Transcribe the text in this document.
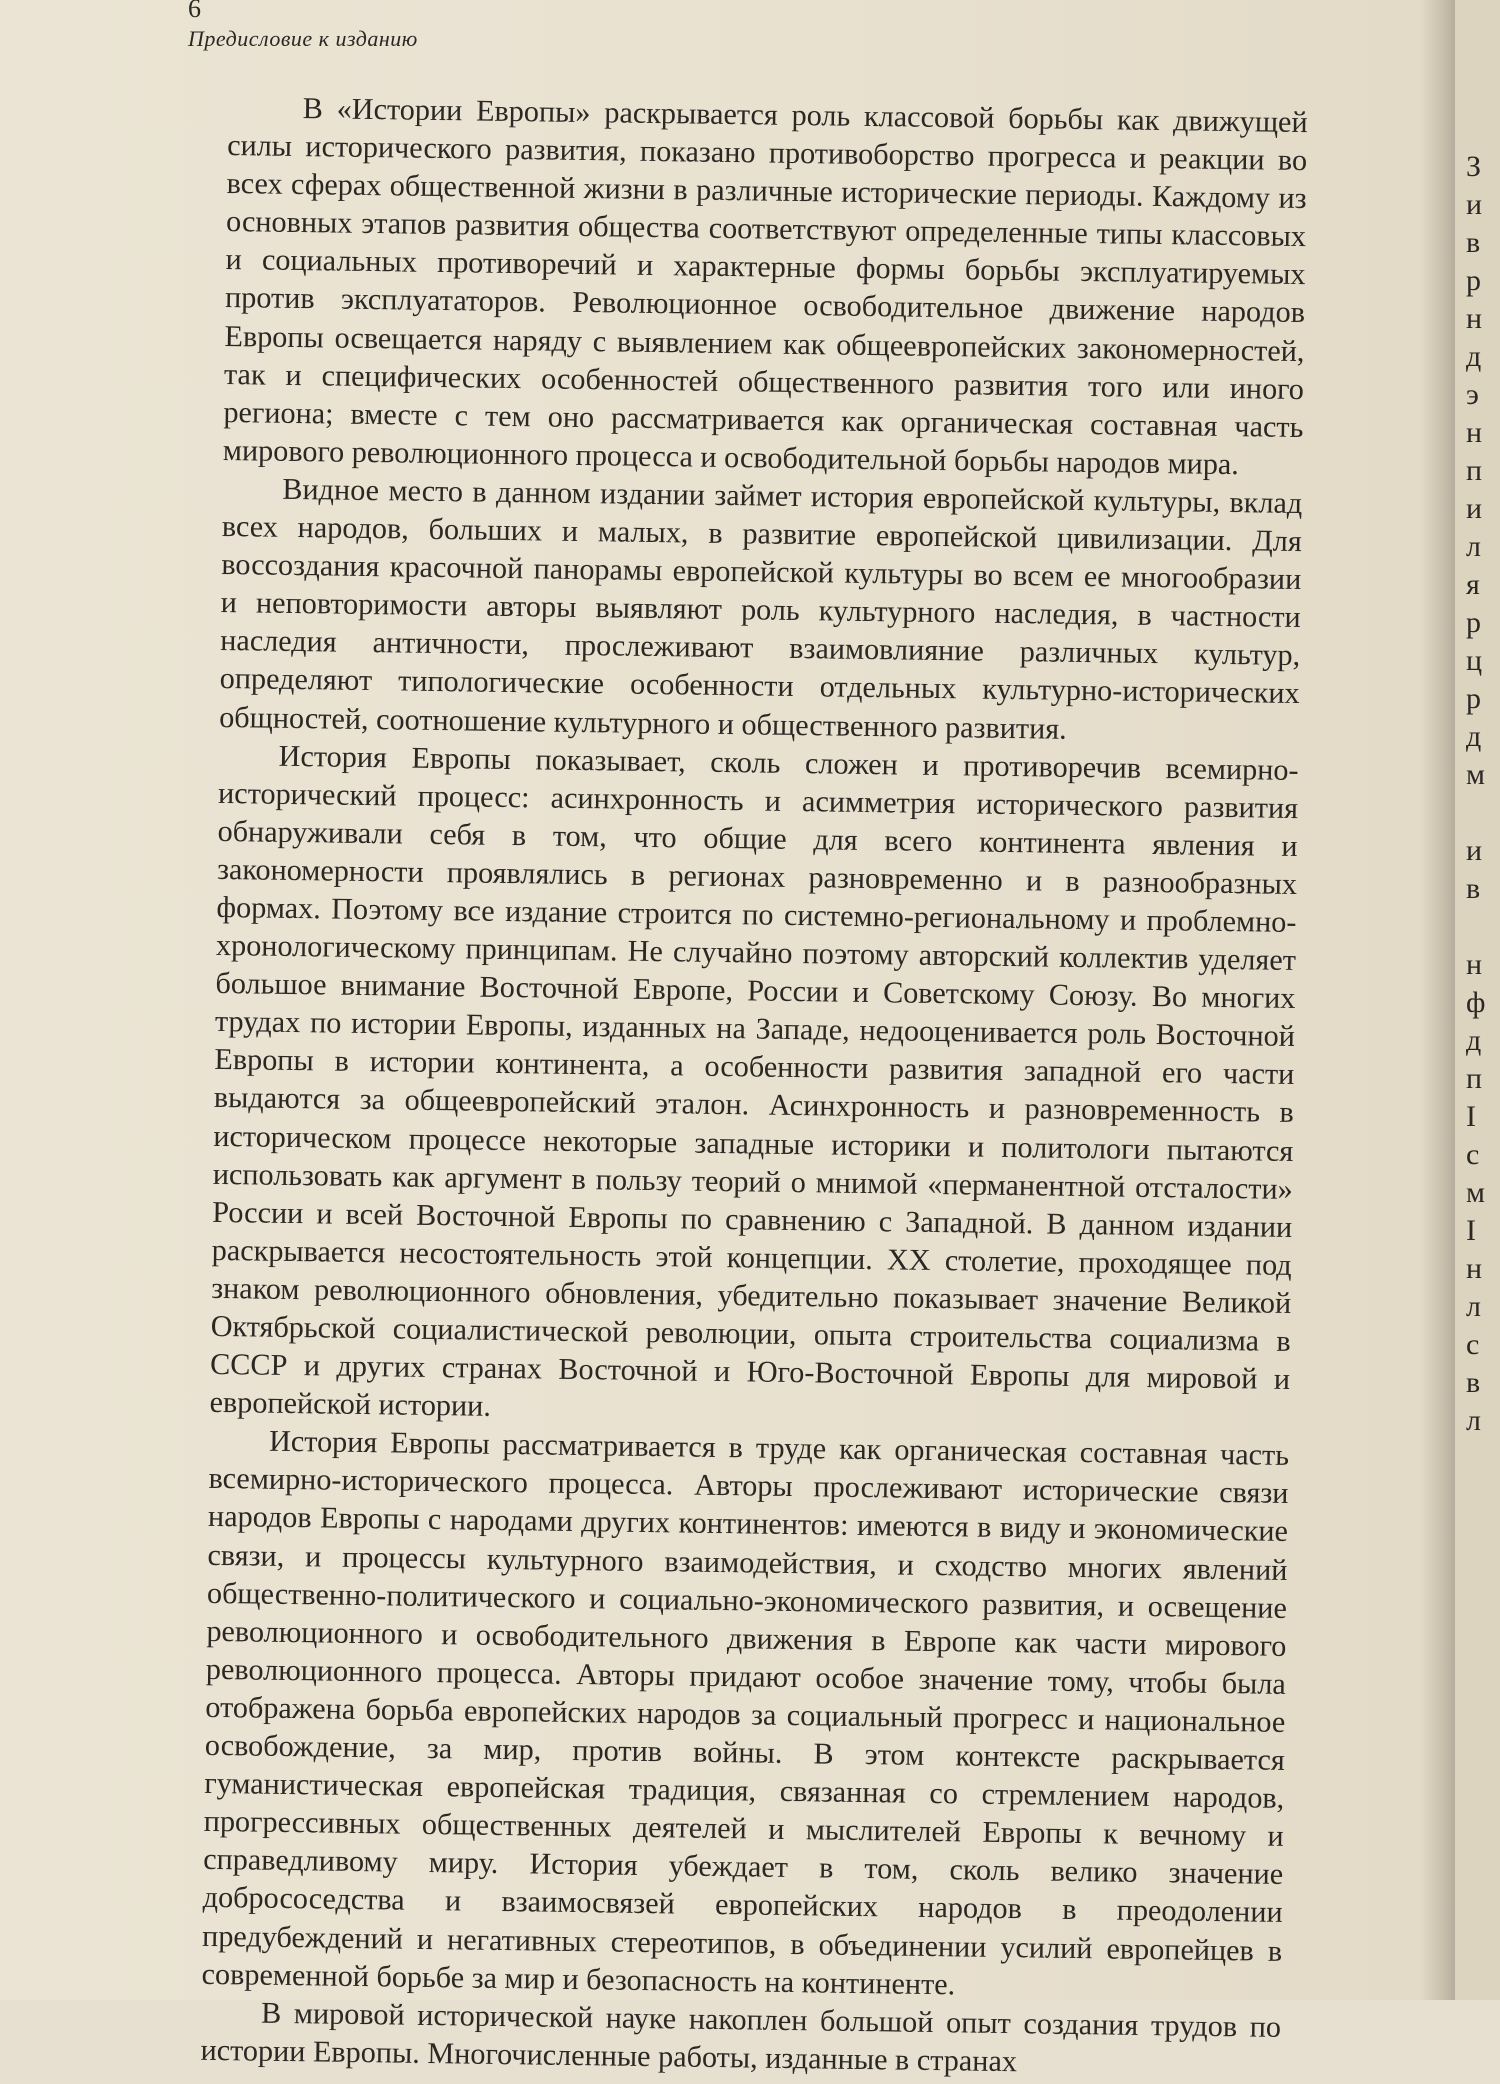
6
Предисловие к изданию

В «Истории Европы» раскрывается роль классовой борьбы как движущей силы исторического развития, показано противоборство прогресса и реакции во всех сферах общественной жизни в различные исторические периоды. Каждому из основных этапов развития общества соответствуют определенные типы классовых и социальных противоречий и характерные формы борьбы эксплуатируемых против эксплуататоров. Революционное освободительное движение народов Европы освещается наряду с выявлением как общеевропейских закономерностей, так и специфических особенностей общественного развития того или иного региона; вместе с тем оно рассматривается как органическая составная часть мирового революционного процесса и освободительной борьбы народов мира.

Видное место в данном издании займет история европейской культуры, вклад всех народов, больших и малых, в развитие европейской цивилизации. Для воссоздания красочной панорамы европейской культуры во всем ее многообразии и неповторимости авторы выявляют роль культурного наследия, в частности наследия античности, прослеживают взаимовлияние различных культур, определяют типологические особенности отдельных культурно-исторических общностей, соотношение культурного и общественного развития.

История Европы показывает, сколь сложен и противоречив всемирно-исторический процесс: асинхронность и асимметрия исторического развития обнаруживали себя в том, что общие для всего континента явления и закономерности проявлялись в регионах разновременно и в разнообразных формах. Поэтому все издание строится по системно-региональному и проблемно-хронологическому принципам. Не случайно поэтому авторский коллектив уделяет большое внимание Восточной Европе, России и Советскому Союзу. Во многих трудах по истории Европы, изданных на Западе, недооценивается роль Восточной Европы в истории континента, а особенности развития западной его части выдаются за общеевропейский эталон. Асинхронность и разновременность в историческом процессе некоторые западные историки и политологи пытаются использовать как аргумент в пользу теорий о мнимой «перманентной отсталости» России и всей Восточной Европы по сравнению с Западной. В данном издании раскрывается несостоятельность этой концепции. XX столетие, проходящее под знаком революционного обновления, убедительно показывает значение Великой Октябрьской социалистической революции, опыта строительства социализма в СССР и других странах Восточной и Юго-Восточной Европы для мировой и европейской истории.

История Европы рассматривается в труде как органическая составная часть всемирно-исторического процесса. Авторы прослеживают исторические связи народов Европы с народами других континентов: имеются в виду и экономические связи, и процессы культурного взаимодействия, и сходство многих явлений общественно-политического и социально-экономического развития, и освещение революционного и освободительного движения в Европе как части мирового революционного процесса. Авторы придают особое значение тому, чтобы была отображена борьба европейских народов за социальный прогресс и национальное освобождение, за мир, против войны. В этом контексте раскрывается гуманистическая европейская традиция, связанная со стремлением народов, прогрессивных общественных деятелей и мыслителей Европы к вечному и справедливому миру. История убеждает в том, сколь велико значение добрососедства и взаимосвязей европейских народов в преодолении предубеждений и негативных стереотипов, в объединении усилий европейцев в современной борьбе за мир и безопасность на континенте.

В мировой исторической науке накоплен большой опыт создания трудов по истории Европы. Многочисленные работы, изданные в странах

З
и
в
р
н
д
э
н
п
и
л
я
р
ц
р
д
м
и
в
н
ф
д
п
I
с
м
I
н
л
с
в
л
